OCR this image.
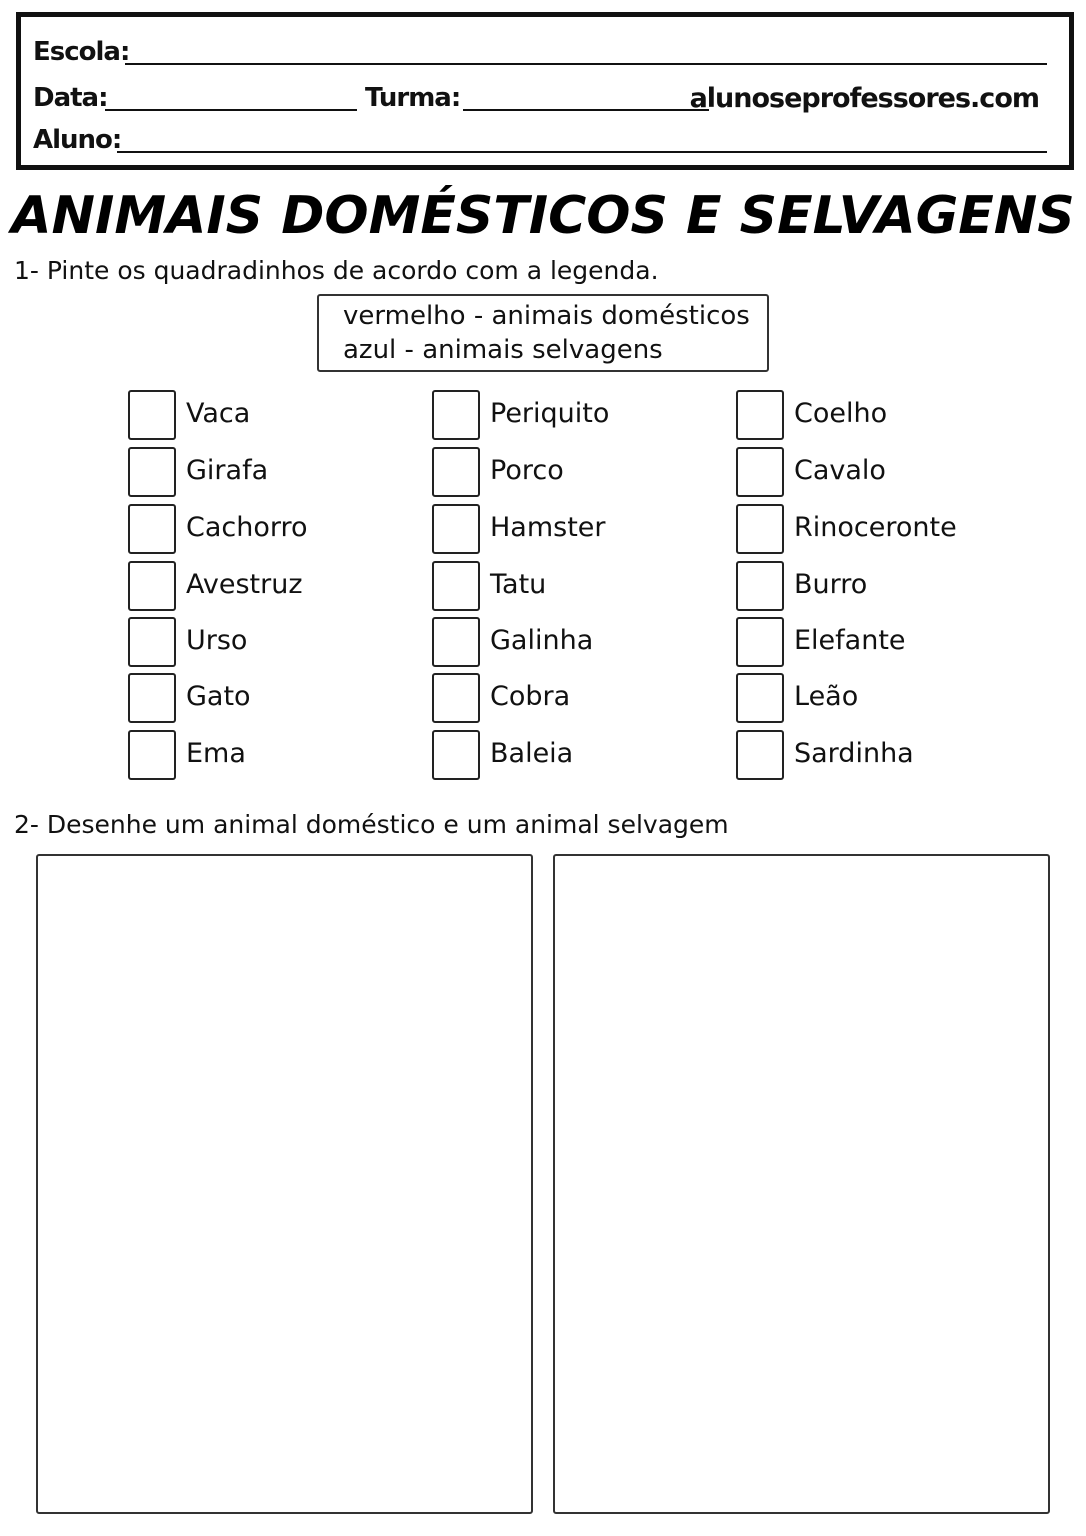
Escola:
Data:	Turma:	alunoseprofessores.com
Aluno:
ANIMAIS DOMÉSTICOS E SELVAGENS
1- Pinte os quadradinhos de acordo com a legenda.
vermelho - animais domésticos
azul - animais selvagens
Vaca
Girafa
Cachorro
Avestruz
Urso
Gato
Ema
Periquito
Porco
Hamster
Tatu
Galinha
Cobra
Baleia
Coelho
Cavalo
Rinoceronte
Burro
Elefante
Leão
Sardinha
2- Desenhe um animal doméstico e um animal selvagem
